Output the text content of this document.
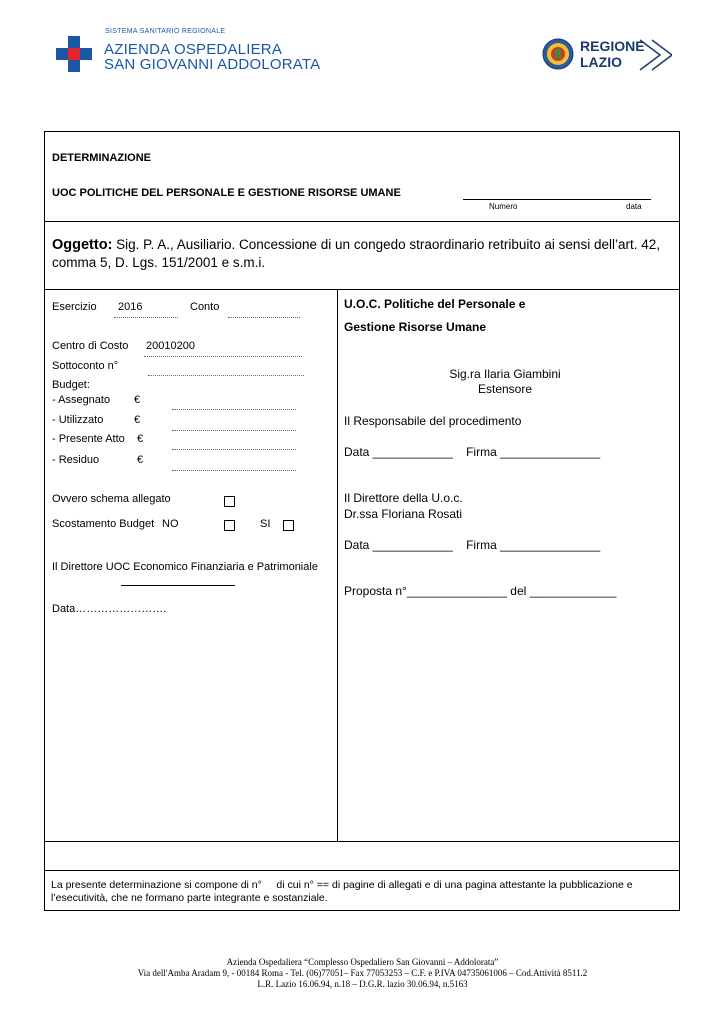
SISTEMA SANITARIO REGIONALE
AZIENDA OSPEDALIERA
SAN GIOVANNI ADDOLORATA
REGIONE
LAZIO
DETERMINAZIONE
UOC POLITICHE DEL PERSONALE E GESTIONE RISORSE UMANE
Numero	data
Oggetto: Sig. P. A., Ausiliario. Concessione di un congedo straordinario retribuito ai sensi dell’art. 42, comma 5, D. Lgs. 151/2001 e s.m.i.
Esercizio 2016	Conto
Centro di Costo 20010200
Sottoconto n°
Budget:
- Assegnato €
- Utilizzato	€
- Presente Atto €
- Residuo	€
Ovvero schema allegato
Scostamento Budget NO	SI
Il Direttore UOC Economico Finanziaria e Patrimoniale
Data…………………….
U.O.C. Politiche del Personale e
Gestione Risorse Umane
Sig.ra Ilaria Giambini
Estensore
Il Responsabile del procedimento
Data ____________    Firma _______________
Il Direttore della U.o.c.
Dr.ssa Floriana Rosati
Data ____________    Firma _______________
Proposta n°_______________ del _____________
La presente determinazione si compone di n°     di cui n° == di pagine di allegati e di una pagina attestante la pubblicazione e
l’esecutività, che ne formano parte integrante e sostanziale.
Azienda Ospedaliera “Complesso Ospedaliero San Giovanni – Addolorata”
Via dell'Amba Aradam 9, - 00184 Roma - Tel. (06)77051– Fax 77053253 – C.F. e P.IVA 04735061006 – Cod.Attività 8511.2
L.R. Lazio 16.06.94, n.18 – D.G.R. lazio 30.06.94, n.5163
